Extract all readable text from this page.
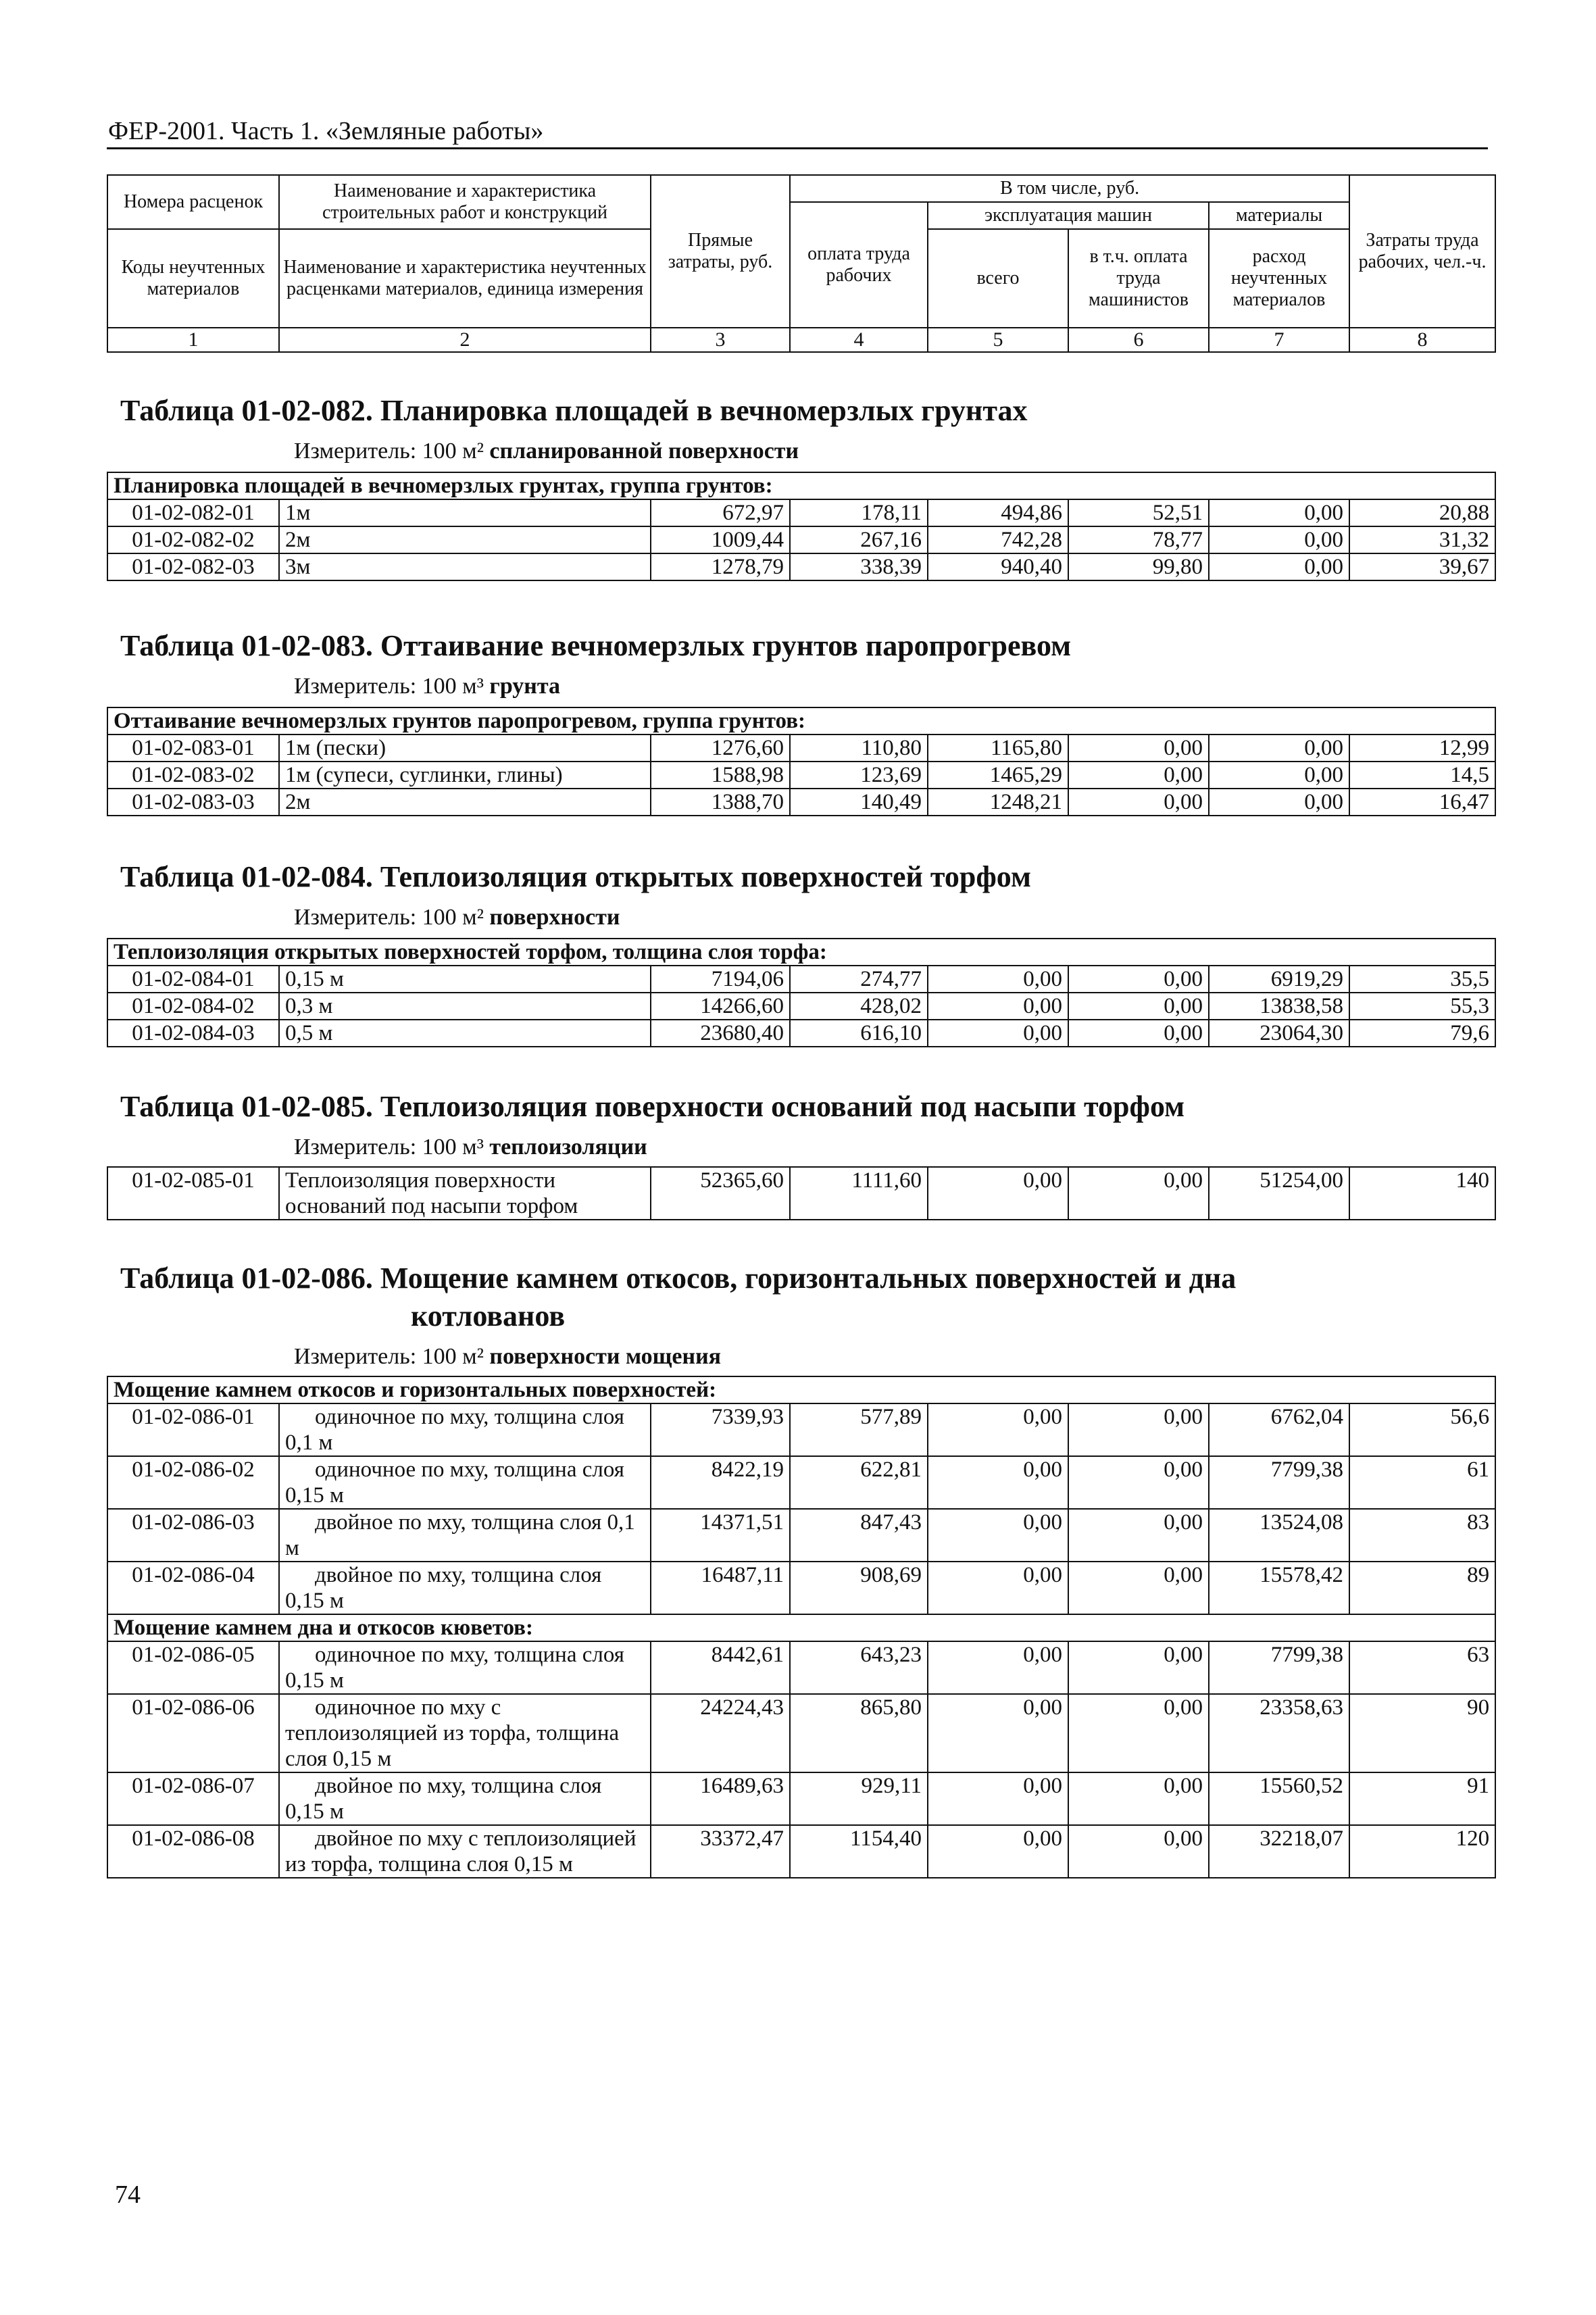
ФЕР-2001. Часть 1. «Земляные работы»
Номера расценок	Наименование и характеристика строительных работ и конструкций	Прямые затраты, руб.	В том числе, руб.				Затраты труда рабочих, чел.-ч.
			оплата труда рабочих	эксплуатация машин		материалы	
Коды неучтенных материалов	Наименование и характеристика неучтенных расценками материалов, единица измерения			всего	в т.ч. оплата труда машинистов	расход неучтенных материалов	
1	2	3	4	5	6	7	8
Таблица 01-02-082. Планировка площадей в вечномерзлых грунтах
Измеритель: 100 м² спланированной поверхности
Планировка площадей в вечномерзлых грунтах, группа грунтов:							
01-02-082-01	1м	672,97	178,11	494,86	52,51	0,00	20,88
01-02-082-02	2м	1009,44	267,16	742,28	78,77	0,00	31,32
01-02-082-03	3м	1278,79	338,39	940,40	99,80	0,00	39,67
Таблица 01-02-083. Оттаивание вечномерзлых грунтов паропрогревом
Измеритель: 100 м³ грунта
Оттаивание вечномерзлых грунтов паропрогревом, группа грунтов:							
01-02-083-01	1м (пески)	1276,60	110,80	1165,80	0,00	0,00	12,99
01-02-083-02	1м (супеси, суглинки, глины)	1588,98	123,69	1465,29	0,00	0,00	14,5
01-02-083-03	2м	1388,70	140,49	1248,21	0,00	0,00	16,47
Таблица 01-02-084. Теплоизоляция открытых поверхностей торфом
Измеритель: 100 м² поверхности
Теплоизоляция открытых поверхностей торфом, толщина слоя торфа:							
01-02-084-01	0,15 м	7194,06	274,77	0,00	0,00	6919,29	35,5
01-02-084-02	0,3 м	14266,60	428,02	0,00	0,00	13838,58	55,3
01-02-084-03	0,5 м	23680,40	616,10	0,00	0,00	23064,30	79,6
Таблица 01-02-085. Теплоизоляция поверхности оснований под насыпи торфом
Измеритель: 100 м³ теплоизоляции
01-02-085-01	Теплоизоляция поверхности оснований под насыпи торфом	52365,60	1111,60	0,00	0,00	51254,00	140
Таблица 01-02-086. Мощение камнем откосов, горизонтальных поверхностей и дна
котлованов
Измеритель: 100 м² поверхности мощения
Мощение камнем откосов и горизонтальных поверхностей:							
01-02-086-01	одиночное по мху, толщина слоя 0,1 м	7339,93	577,89	0,00	0,00	6762,04	56,6
01-02-086-02	одиночное по мху, толщина слоя 0,15 м	8422,19	622,81	0,00	0,00	7799,38	61
01-02-086-03	двойное по мху, толщина слоя 0,1 м	14371,51	847,43	0,00	0,00	13524,08	83
01-02-086-04	двойное по мху, толщина слоя 0,15 м	16487,11	908,69	0,00	0,00	15578,42	89
Мощение камнем дна и откосов кюветов:							
01-02-086-05	одиночное по мху, толщина слоя 0,15 м	8442,61	643,23	0,00	0,00	7799,38	63
01-02-086-06	одиночное по мху с теплоизоляцией из торфа, толщина слоя 0,15 м	24224,43	865,80	0,00	0,00	23358,63	90
01-02-086-07	двойное по мху, толщина слоя 0,15 м	16489,63	929,11	0,00	0,00	15560,52	91
01-02-086-08	двойное по мху с теплоизоляцией из торфа, толщина слоя 0,15 м	33372,47	1154,40	0,00	0,00	32218,07	120
74
